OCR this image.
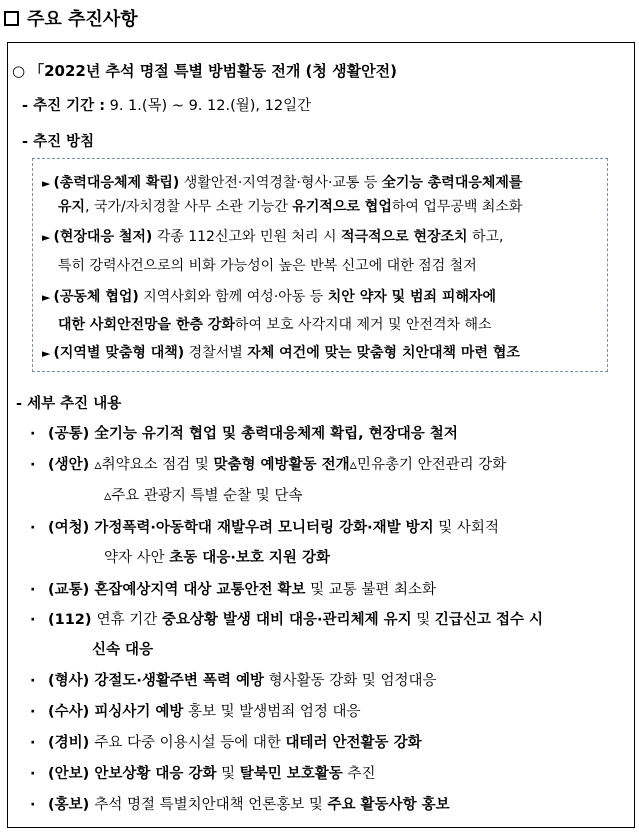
주요 추진사항
○ 「2022년 추석 명절 특별 방범활동 전개 (청 생활안전)
- 추진 기간 : 9. 1.(목) ~ 9. 12.(월), 12일간
- 추진 방침
► (총력대응체제 확립) 생활안전·지역경찰·형사·교통 등 全기능 총력대응체제를
유지, 국가/자치경찰 사무 소관 기능간 유기적으로 협업하여 업무공백 최소화
► (현장대응 철저) 각종 112신고와 민원 처리 시 적극적으로 현장조치 하고,
특히 강력사건으로의 비화 가능성이 높은 반복 신고에 대한 점검 철저
► (공동체 협업) 지역사회와 함께 여성·아동 등 치안 약자 및 범죄 피해자에
대한 사회안전망을 한층 강화하여 보호 사각지대 제거 및 안전격차 해소
► (지역별 맞춤형 대책) 경찰서별 자체 여건에 맞는 맞춤형 치안대책 마련 협조
- 세부 추진 내용
· (공통) 全기능 유기적 협업 및 총력대응체제 확립, 현장대응 철저
· (생안) ▵취약요소 점검 및 맞춤형 예방활동 전개▵민유총기 안전관리 강화
▵주요 관광지 특별 순찰 및 단속
· (여청) 가정폭력·아동학대 재발우려 모니터링 강화·재발 방지 및 사회적
약자 사안 초동 대응·보호 지원 강화
· (교통) 혼잡예상지역 대상 교통안전 확보 및 교통 불편 최소화
· (112) 연휴 기간 중요상황 발생 대비 대응·관리체제 유지 및 긴급신고 접수 시
신속 대응
· (형사) 강절도·생활주변 폭력 예방 형사활동 강화 및 엄정대응
· (수사) 피싱사기 예방 홍보 및 발생범죄 엄정 대응
· (경비) 주요 다중 이용시설 등에 대한 대테러 안전활동 강화
· (안보) 안보상황 대응 강화 및 탈북민 보호활동 추진
· (홍보) 추석 명절 특별치안대책 언론홍보 및 주요 활동사항 홍보
